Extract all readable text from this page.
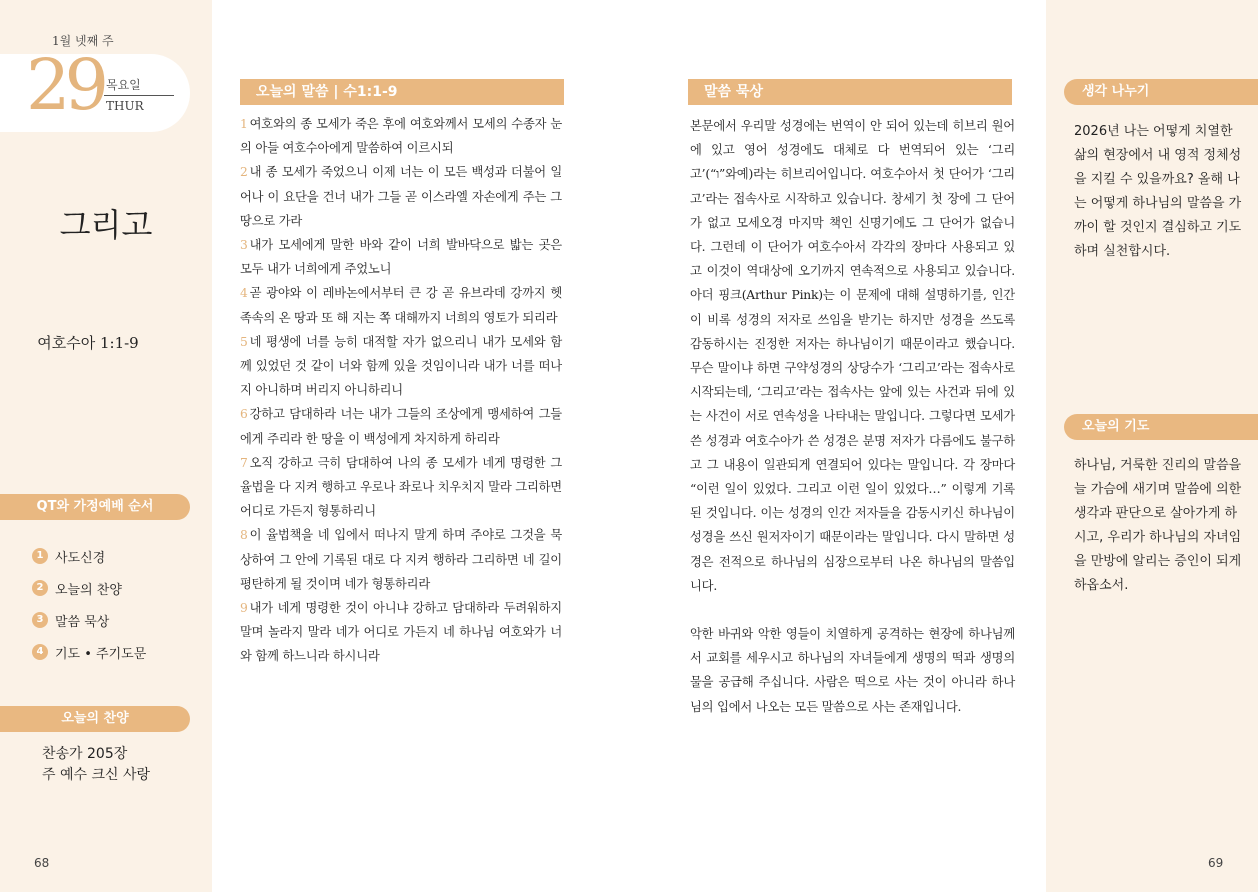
1월 넷째 주
29 목요일
THUR
그리고
여호수아 1:1-9
QT와 가정예배 순서
1 사도신경
2 오늘의 찬양
3 말씀 묵상
4 기도 • 주기도문
오늘의 찬양
찬송가 205장
주 예수 크신 사랑
68
오늘의 말씀 | 수1:1-9
1 여호와의 종 모세가 죽은 후에 여호와께서 모세의 수종자 눈의 아들 여호수아에게 말씀하여 이르시되
2 내 종 모세가 죽었으니 이제 너는 이 모든 백성과 더불어 일어나 이 요단을 건너 내가 그들 곧 이스라엘 자손에게 주는 그 땅으로 가라
3 내가 모세에게 말한 바와 같이 너희 발바닥으로 밟는 곳은 모두 내가 너희에게 주었노니
4 곧 광야와 이 레바논에서부터 큰 강 곧 유브라데 강까지 헷 족속의 온 땅과 또 해 지는 쪽 대해까지 너희의 영토가 되리라
5 네 평생에 너를 능히 대적할 자가 없으리니 내가 모세와 함께 있었던 것 같이 너와 함께 있을 것임이니라 내가 너를 떠나지 아니하며 버리지 아니하리니
6 강하고 담대하라 너는 내가 그들의 조상에게 맹세하여 그들에게 주리라 한 땅을 이 백성에게 차지하게 하리라
7 오직 강하고 극히 담대하여 나의 종 모세가 네게 명령한 그 율법을 다 지켜 행하고 우로나 좌로나 치우치지 말라 그리하면 어디로 가든지 형통하리니
8 이 율법책을 네 입에서 떠나지 말게 하며 주야로 그것을 묵상하여 그 안에 기록된 대로 다 지켜 행하라 그리하면 네 길이 평탄하게 될 것이며 네가 형통하리라
9 내가 네게 명령한 것이 아니냐 강하고 담대하라 두려워하지 말며 놀라지 말라 네가 어디로 가든지 네 하나님 여호와가 너와 함께 하느니라 하시니라
말씀 묵상

본문에서 우리말 성경에는 번역이 안 되어 있는데 히브리 원어에 있고 영어 성경에도 대체로 다 번역되어 있는 ‘그리고’(“ו”와예)라는 히브리어입니다. 여호수아서 첫 단어가 ‘그리고’라는 접속사로 시작하고 있습니다. 창세기 첫 장에 그 단어가 없고 모세오경 마지막 책인 신명기에도 그 단어가 없습니다. 그런데 이 단어가 여호수아서 각각의 장마다 사용되고 있고 이것이 역대상에 오기까지 연속적으로 사용되고 있습니다. 아더 핑크(Arthur Pink)는 이 문제에 대해 설명하기를, 인간이 비록 성경의 저자로 쓰임을 받기는 하지만 성경을 쓰도록 감동하시는 진정한 저자는 하나님이기 때문이라고 했습니다. 무슨 말이냐 하면 구약성경의 상당수가 ‘그리고’라는 접속사로 시작되는데, ‘그리고’라는 접속사는 앞에 있는 사건과 뒤에 있는 사건이 서로 연속성을 나타내는 말입니다. 그렇다면 모세가 쓴 성경과 여호수아가 쓴 성경은 분명 저자가 다름에도 불구하고 그 내용이 일관되게 연결되어 있다는 말입니다. 각 장마다 “이런 일이 있었다. 그리고 이런 일이 있었다…” 이렇게 기록된 것입니다. 이는 성경의 인간 저자들을 감동시키신 하나님이 성경을 쓰신 원저자이기 때문이라는 말입니다. 다시 말하면 성경은 전적으로 하나님의 심장으로부터 나온 하나님의 말씀입니다.

악한 바귀와 악한 영들이 치열하게 공격하는 현장에 하나님께서 교회를 세우시고 하나님의 자녀들에게 생명의 떡과 생명의 물을 공급해 주십니다. 사람은 떡으로 사는 것이 아니라 하나님의 입에서 나오는 모든 말씀으로 사는 존재입니다.

생각 나누기
2026년 나는 어떻게 치열한 삶의 현장에서 내 영적 정체성을 지킬 수 있을까요? 올해 나는 어떻게 하나님의 말씀을 가까이 할 것인지 결심하고 기도하며 실천합시다.
오늘의 기도
하나님, 거룩한 진리의 말씀을 늘 가슴에 새기며 말씀에 의한 생각과 판단으로 살아가게 하시고, 우리가 하나님의 자녀임을 만방에 알리는 증인이 되게 하옵소서.
69
